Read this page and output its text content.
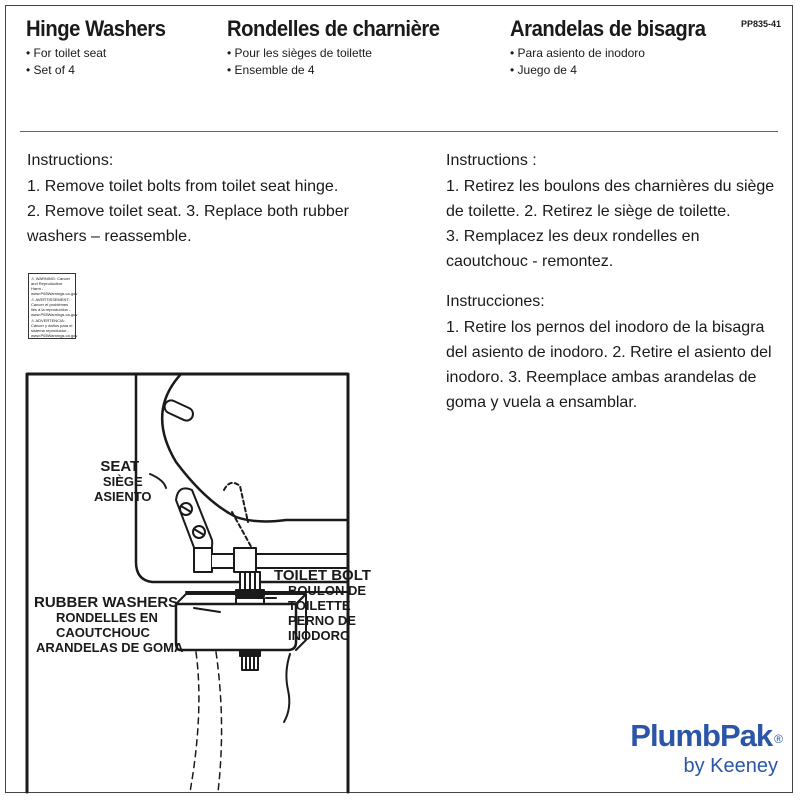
Hinge Washers
• For toilet seat
• Set of 4
Rondelles de charnière
• Pour les sièges de toilette
• Ensemble de 4
Arandelas de bisagra
• Para asiento de inodoro
• Juego de 4
PP835-41

Instructions:

1. Remove toilet bolts from toilet seat hinge.

2. Remove toilet seat. 3. Replace both rubber

washers – reassemble.

Instructions :

1. Retirez les boulons des charnières du siège

de toilette. 2. Retirez le siège de toilette.

3. Remplacez les deux rondelles en

caoutchouc - remontez.

Instrucciones:

1. Retire los pernos del inodoro de la bisagra

del asiento de inodoro. 2. Retire el asiento del

inodoro. 3. Reemplace ambas arandelas de

goma y vuela a ensamblar.

⚠ WARNING: Cancer and Reproductive Harm - www.P65Warnings.ca.gov
⚠ AVERTISSEMENT: Cancer et problèmes liés à la reproduction - www.P65Warnings.ca.gov
⚠ ADVERTENCIA: Cáncer y daños para el sistema reproductor - www.P65Warnings.ca.gov
SEAT
SIÈGE
ASIENTO
RUBBER WASHERS
RONDELLES EN
CAOUTCHOUC
ARANDELAS DE GOMA
TOILET BOLT
BOULON DE
TOILETTE
PERNO DE
INODORO
PlumbPak ®
by Keeney
